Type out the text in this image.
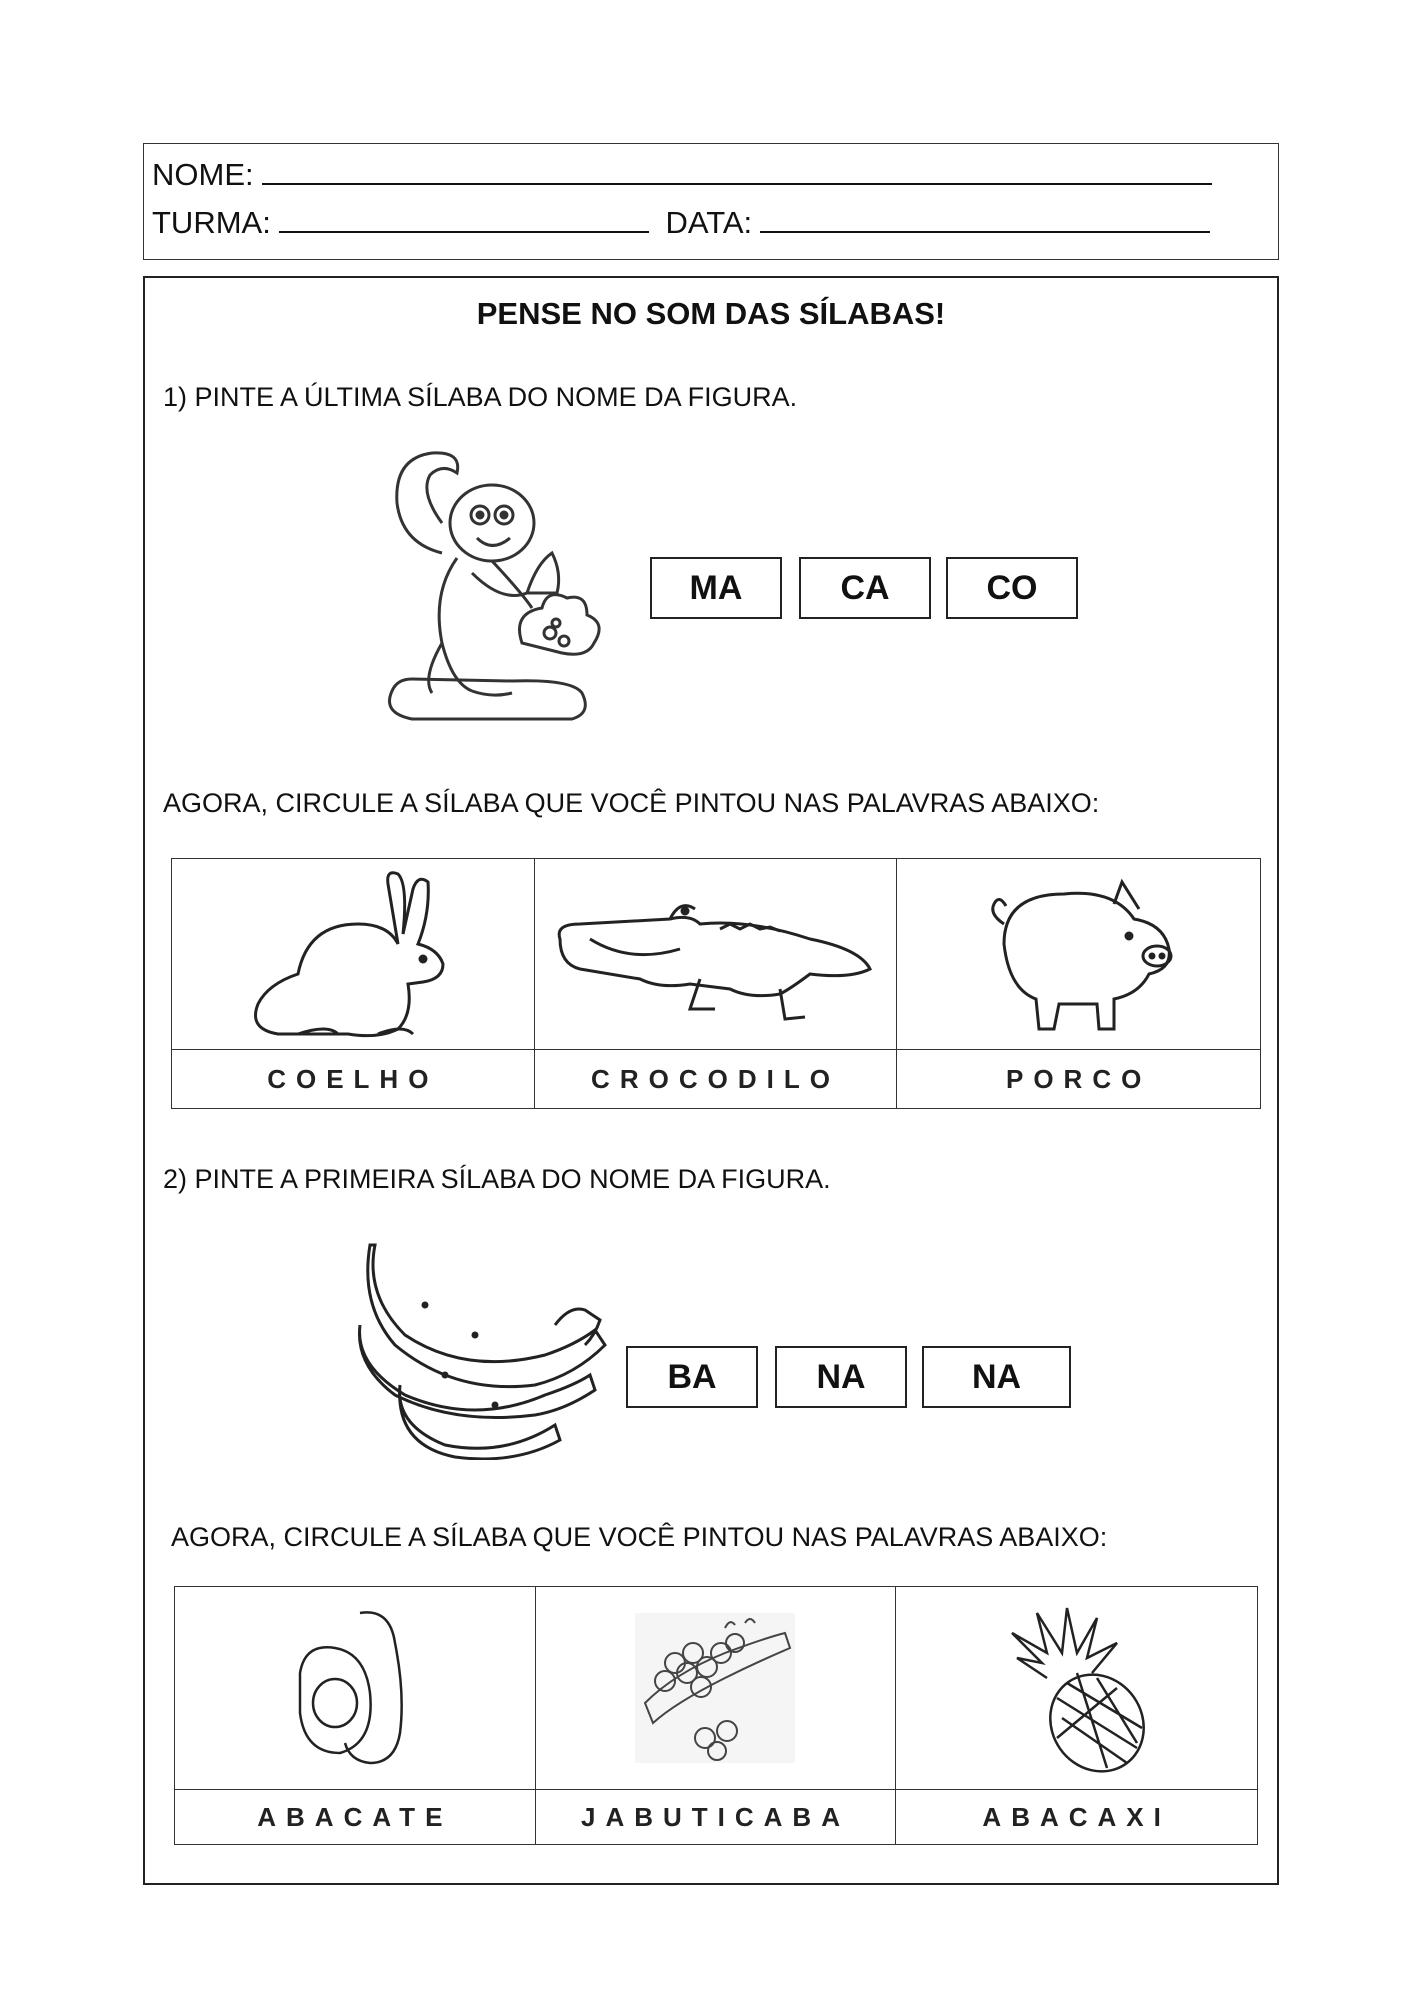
NOME:
TURMA:	DATA:
PENSE NO SOM DAS SÍLABAS!
1) PINTE A ÚLTIMA SÍLABA DO NOME DA FIGURA.
MA	CA	CO
AGORA, CIRCULE A SÍLABA QUE VOCÊ PINTOU NAS PALAVRAS ABAIXO:
COELHO	CROCODILO	PORCO
2) PINTE A PRIMEIRA SÍLABA DO NOME DA FIGURA.
BA	NA	NA
AGORA, CIRCULE A SÍLABA QUE VOCÊ PINTOU NAS PALAVRAS ABAIXO:
ABACATE	JABUTICABA	ABACAXI
